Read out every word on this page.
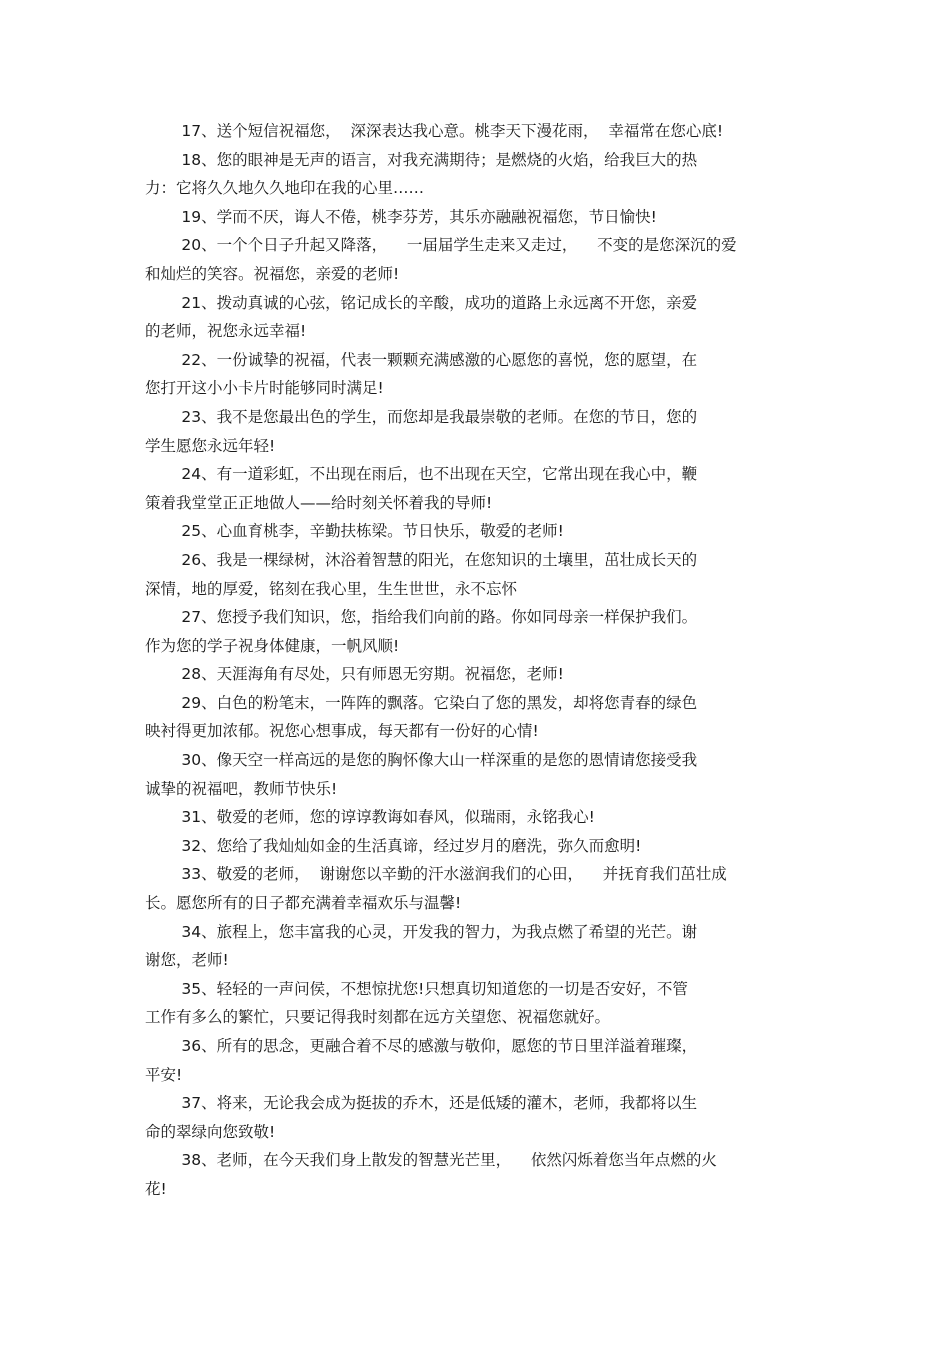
17、送个短信祝福您，  深深表达我心意。桃李天下漫花雨，  幸福常在您心底!
18、您的眼神是无声的语言，对我充满期待；是燃烧的火焰，给我巨大的热
力：它将久久地久久地印在我的心里……
19、学而不厌，诲人不倦，桃李芬芳，其乐亦融融祝福您，节日愉快!
20、一个个日子升起又降落，    一届届学生走来又走过，    不变的是您深沉的爱
和灿烂的笑容。祝福您，亲爱的老师!
21、拨动真诚的心弦，铭记成长的辛酸，成功的道路上永远离不开您，亲爱
的老师，祝您永远幸福!
22、一份诚挚的祝福，代表一颗颗充满感激的心愿您的喜悦，您的愿望，在
您打开这小小卡片时能够同时满足!
23、我不是您最出色的学生，而您却是我最崇敬的老师。在您的节日，您的
学生愿您永远年轻!
24、有一道彩虹，不出现在雨后，也不出现在天空，它常出现在我心中，鞭
策着我堂堂正正地做人——给时刻关怀着我的导师!
25、心血育桃李，辛勤扶栋梁。节日快乐，敬爱的老师!
26、我是一棵绿树，沐浴着智慧的阳光，在您知识的土壤里，茁壮成长天的
深情，地的厚爱，铭刻在我心里，生生世世，永不忘怀
27、您授予我们知识，您，指给我们向前的路。你如同母亲一样保护我们。
作为您的学子祝身体健康，一帆风顺!
28、天涯海角有尽处，只有师恩无穷期。祝福您，老师!
29、白色的粉笔末，一阵阵的飘落。它染白了您的黑发，却将您青春的绿色
映衬得更加浓郁。祝您心想事成，每天都有一份好的心情!
30、像天空一样高远的是您的胸怀像大山一样深重的是您的恩情请您接受我
诚挚的祝福吧，教师节快乐!
31、敬爱的老师，您的谆谆教诲如春风，似瑞雨，永铭我心!
32、您给了我灿灿如金的生活真谛，经过岁月的磨洗，弥久而愈明!
33、敬爱的老师，  谢谢您以辛勤的汗水滋润我们的心田，    并抚育我们茁壮成
长。愿您所有的日子都充满着幸福欢乐与温馨!
34、旅程上，您丰富我的心灵，开发我的智力，为我点燃了希望的光芒。谢
谢您，老师!
35、轻轻的一声问侯，不想惊扰您!只想真切知道您的一切是否安好，不管
工作有多么的繁忙，只要记得我时刻都在远方关望您、祝福您就好。
36、所有的思念，更融合着不尽的感激与敬仰，愿您的节日里洋溢着璀璨，
平安!
37、将来，无论我会成为挺拔的乔木，还是低矮的灌木，老师，我都将以生
命的翠绿向您致敬!
38、老师，在今天我们身上散发的智慧光芒里，    依然闪烁着您当年点燃的火
花!
